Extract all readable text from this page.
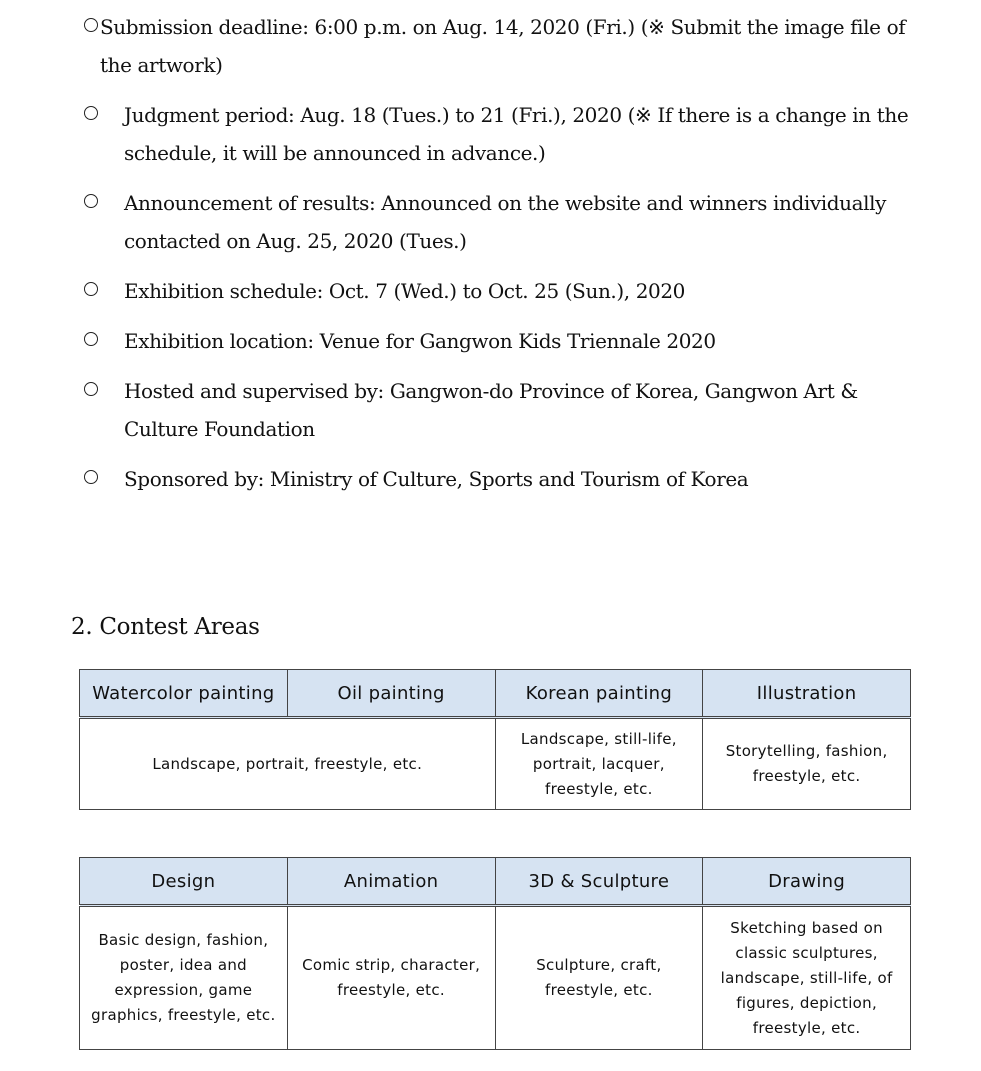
Submission deadline: 6:00 p.m. on Aug. 14, 2020 (Fri.) (※ Submit the image file of the artwork)
Judgment period: Aug. 18 (Tues.) to 21 (Fri.), 2020 (※ If there is a change in the schedule, it will be announced in advance.)
Announcement of results: Announced on the website and winners individually contacted on Aug. 25, 2020 (Tues.)
Exhibition schedule: Oct. 7 (Wed.) to Oct. 25 (Sun.), 2020
Exhibition location: Venue for Gangwon Kids Triennale 2020
Hosted and supervised by: Gangwon-do Province of Korea, Gangwon Art & Culture Foundation
Sponsored by: Ministry of Culture, Sports and Tourism of Korea
2. Contest Areas
Watercolor painting	Oil painting	Korean painting	Illustration
Landscape, portrait, freestyle, etc.		Landscape, still-life, portrait, lacquer, freestyle, etc.	Storytelling, fashion, freestyle, etc.
Design	Animation	3D & Sculpture	Drawing
Basic design, fashion, poster, idea and expression, game graphics, freestyle, etc.	Comic strip, character, freestyle, etc.	Sculpture, craft, freestyle, etc.	Sketching based on classic sculptures, landscape, still-life, of figures, depiction, freestyle, etc.
